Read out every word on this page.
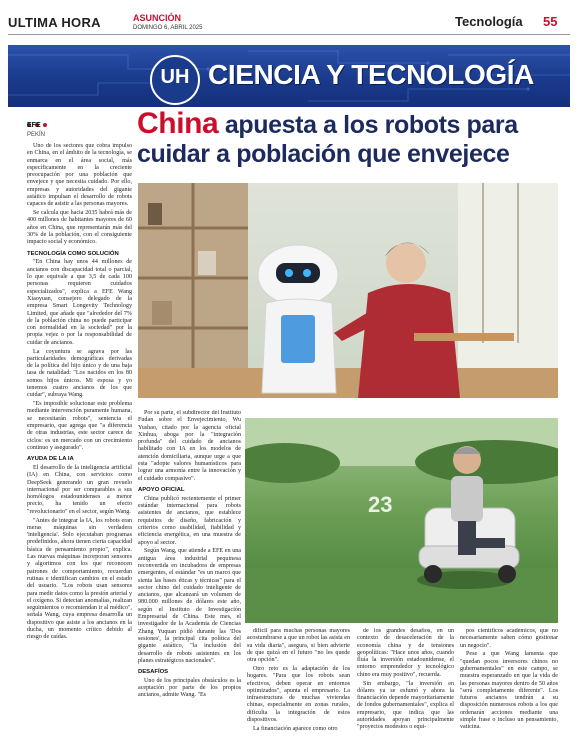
ULTIMA HORA	ASUNCIÓN
DOMINGO 6, ABRIL 2025	Tecnología 55
UH CIENCIA Y TECNOLOGÍA

EFE
PEKÍN	China apuesta a los robots para
cuidar a población que envejece
23

Uno de los sectores que cobra impulso en China, en el ámbito de la tecnología, se enmarca en el área social, más específicamente en la creciente preocupación por una población que envejece y que necesita cuidado. Por ello, empresas y autoridades del gigante asiático impulsan el desarrollo de robots capaces de asistir a las personas mayores.

Se calcula que hacia 2035 habrá más de 400 millones de habitantes mayores de 60 años en China, que representarán más del 30% de la población, con el consiguiente impacto social y económico.

TECNOLOGÍA COMO SOLUCIÓN

"En China hay unos 44 millones de ancianos con discapacidad total o parcial, lo que equivale a que 3,5 de cada 100 personas requieren cuidados especializados", explica a EFE Wang Xiaoyuan, consejero delegado de la empresa Smart Longevity Technology Limited, que añade que "alrededor del 7% de la población china no puede participar con normalidad en la sociedad" por la propia vejez o por la responsabilidad de cuidar de ancianos.

La coyuntura se agrava por las particularidades demográficas derivadas de la política del hijo único y de una baja tasa de natalidad: "Los nacidos en los 80 somos hijos únicos. Mi esposa y yo tenemos cuatro ancianos de los que cuidar", subraya Wang.

"Es imposible solucionar este problema mediante intervención puramente humana, se necesitarán robots", sentencia el empresario, que agrega que "a diferencia de otras industrias, este sector carece de ciclos: es un mercado con un crecimiento continuo y asegurado".

AYUDA DE LA IA

El desarrollo de la inteligencia artificial (IA) en China, con servicios como DeepSeek generando un gran revuelo internacional por ser comparables a sus homólogos estadounidenses a menor precio, ha tenido un efecto "revolucionario" en el sector, según Wang.

"Antes de integrar la IA, los robots eran meras máquinas sin verdadera 'inteligencia'. Solo ejecutaban programas predefinidos, ahora tienen cierta capacidad básica de pensamiento propio", explica. Las nuevas máquinas incorporan sensores y algoritmos con los que reconocen patrones de comportamiento, recuerdan rutinas e identifican cambios en el estado del usuario. "Los robots usan sensores para medir datos como la presión arterial y el oxígeno. Si detectan anomalías, realizan seguimientos o recomiendan ir al médico", señala Wang, cuya empresa desarrolla un dispositivo que asiste a los ancianos en la ducha, un momento crítico debido al riesgo de caídas.

Por su parte, el subdirector del Instituto Fudan sobre el Envejecimiento, Wu Yushao, citado por la agencia oficial Xinhua, aboga por la "integración profunda" del cuidado de ancianos habilitado con IA en los modelos de atención domiciliaria, aunque urge a que esta "adopte valores humanísticos para lograr una armonía entre la innovación y el cuidado compasivo".

APOYO OFICIAL

China publicó recientemente el primer estándar internacional para robots asistentes de ancianos, que establece requisitos de diseño, fabricación y criterios como usabilidad, fiabilidad y eficiencia energética, en una muestra de apoyo al sector.

Según Wang, que atiende a EFE en una antigua área industrial pequinesa reconvertida en incubadora de empresas emergentes, el estándar "es un marco que sienta las bases éticas y técnicas" para el sector chino del cuidado inteligente de ancianos, que alcanzará un volumen de 980.000 millones de dólares este año, según el Instituto de Investigación Empresarial de China. Este mes, el investigador de la Academia de Ciencias Zhang Yuquan pidió durante las 'Dos sesiones', la principal cita política del gigante asiático, "la inclusión del desarrollo de robots asistentes en los planes estratégicos nacionales".

DESAFÍOS

Uno de los principales obstáculos es la aceptación por parte de los propios ancianos, admite Wang. "Es

difícil para muchas personas mayores acostumbrarse a que un robot las asista en su vida diaria", asegura, si bien advierte de que quizá en el futuro "no les quede otra opción".

Otro reto es la adaptación de los hogares. "Para que los robots sean efectivos, deben operar en entornos optimizados", apunta el empresario. La infraestructura de muchas viviendas chinas, especialmente en zonas rurales, dificulta la integración de estos dispositivos.

La financiación aparece como otro

de los grandes desafíos, en un contexto de desaceleración de la economía china y de tensiones geopolíticas: "Hace unos años, cuando fluía la inversión estadounidense, el entorno emprendedor y tecnológico chino era muy positivo", recuerda.

Sin embargo, "la inversión en dólares ya se esfumó y ahora la financiación depende mayoritariamente de fondos gubernamentales", explica el empresario, que indica que las autoridades apoyan principalmente "proyectos modestos o equi-

pos científicos académicos, que no necesariamente saben cómo gestionar un negocio".

Pese a que Wang lamenta que "quedan pocos inversores chinos no gubernamentales" en este campo, se muestra esperanzado en que la vida de las personas mayores dentro de 50 años "será completamente diferente". Los futuros ancianos tendrán a su disposición numerosos robots a los que ordenarán acciones mediante una simple frase o incluso un pensamiento, vaticina.
